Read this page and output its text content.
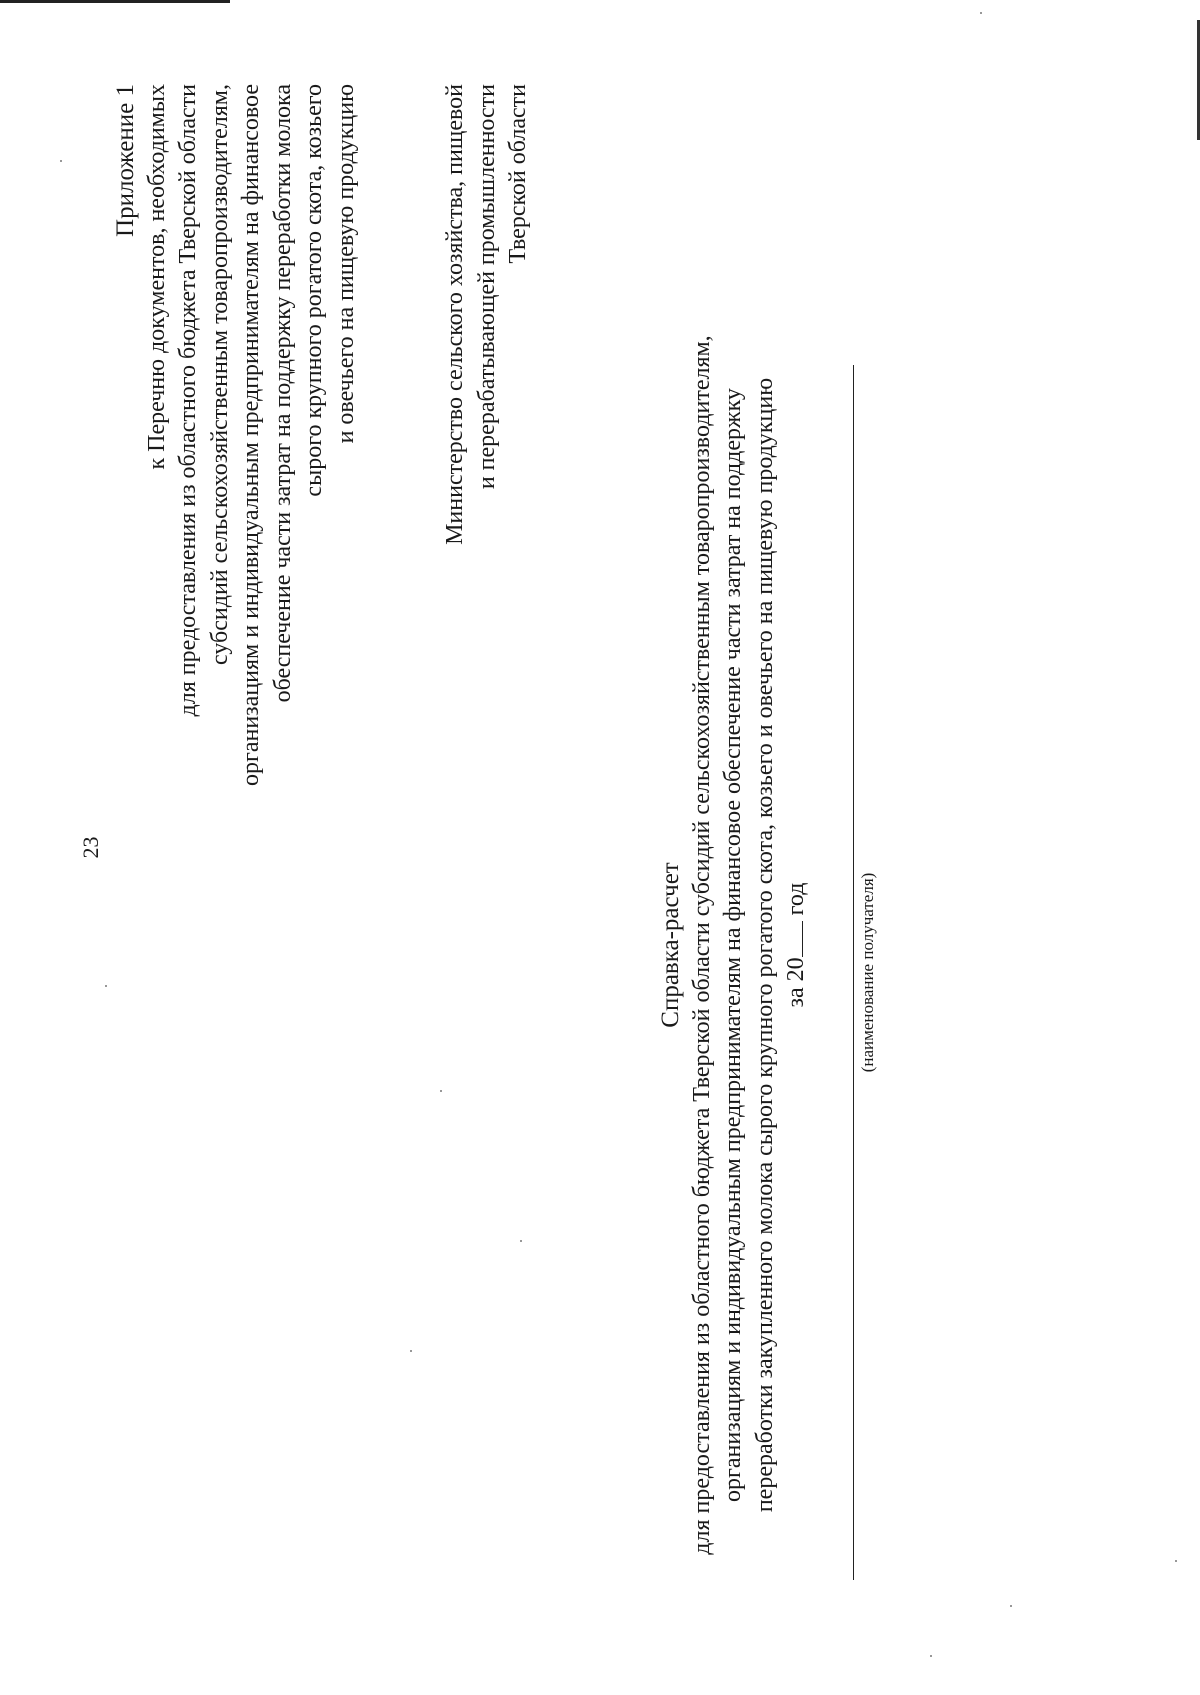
23
Приложение 1 к Перечню документов, необходимых для предоставления из областного бюджета Тверской области субсидий сельскохозяйственным товаропроизводителям, организациям и индивидуальным предпринимателям на финансовое обеспечение части затрат на поддержку переработки молока сырого крупного рогатого скота, козьего и овечьего на пищевую продукцию	Министерство сельского хозяйства, пищевой и перерабатывающей промышленности Тверской области
Справка-расчет для предоставления из областного бюджета Тверской области субсидий сельскохозяйственным товаропроизводителям, организациям и индивидуальным предпринимателям на финансовое обеспечение части затрат на поддержку переработки закупленного молока сырого крупного рогатого скота, козьего и овечьего на пищевую продукцию за 20год	(наименование получателя)
